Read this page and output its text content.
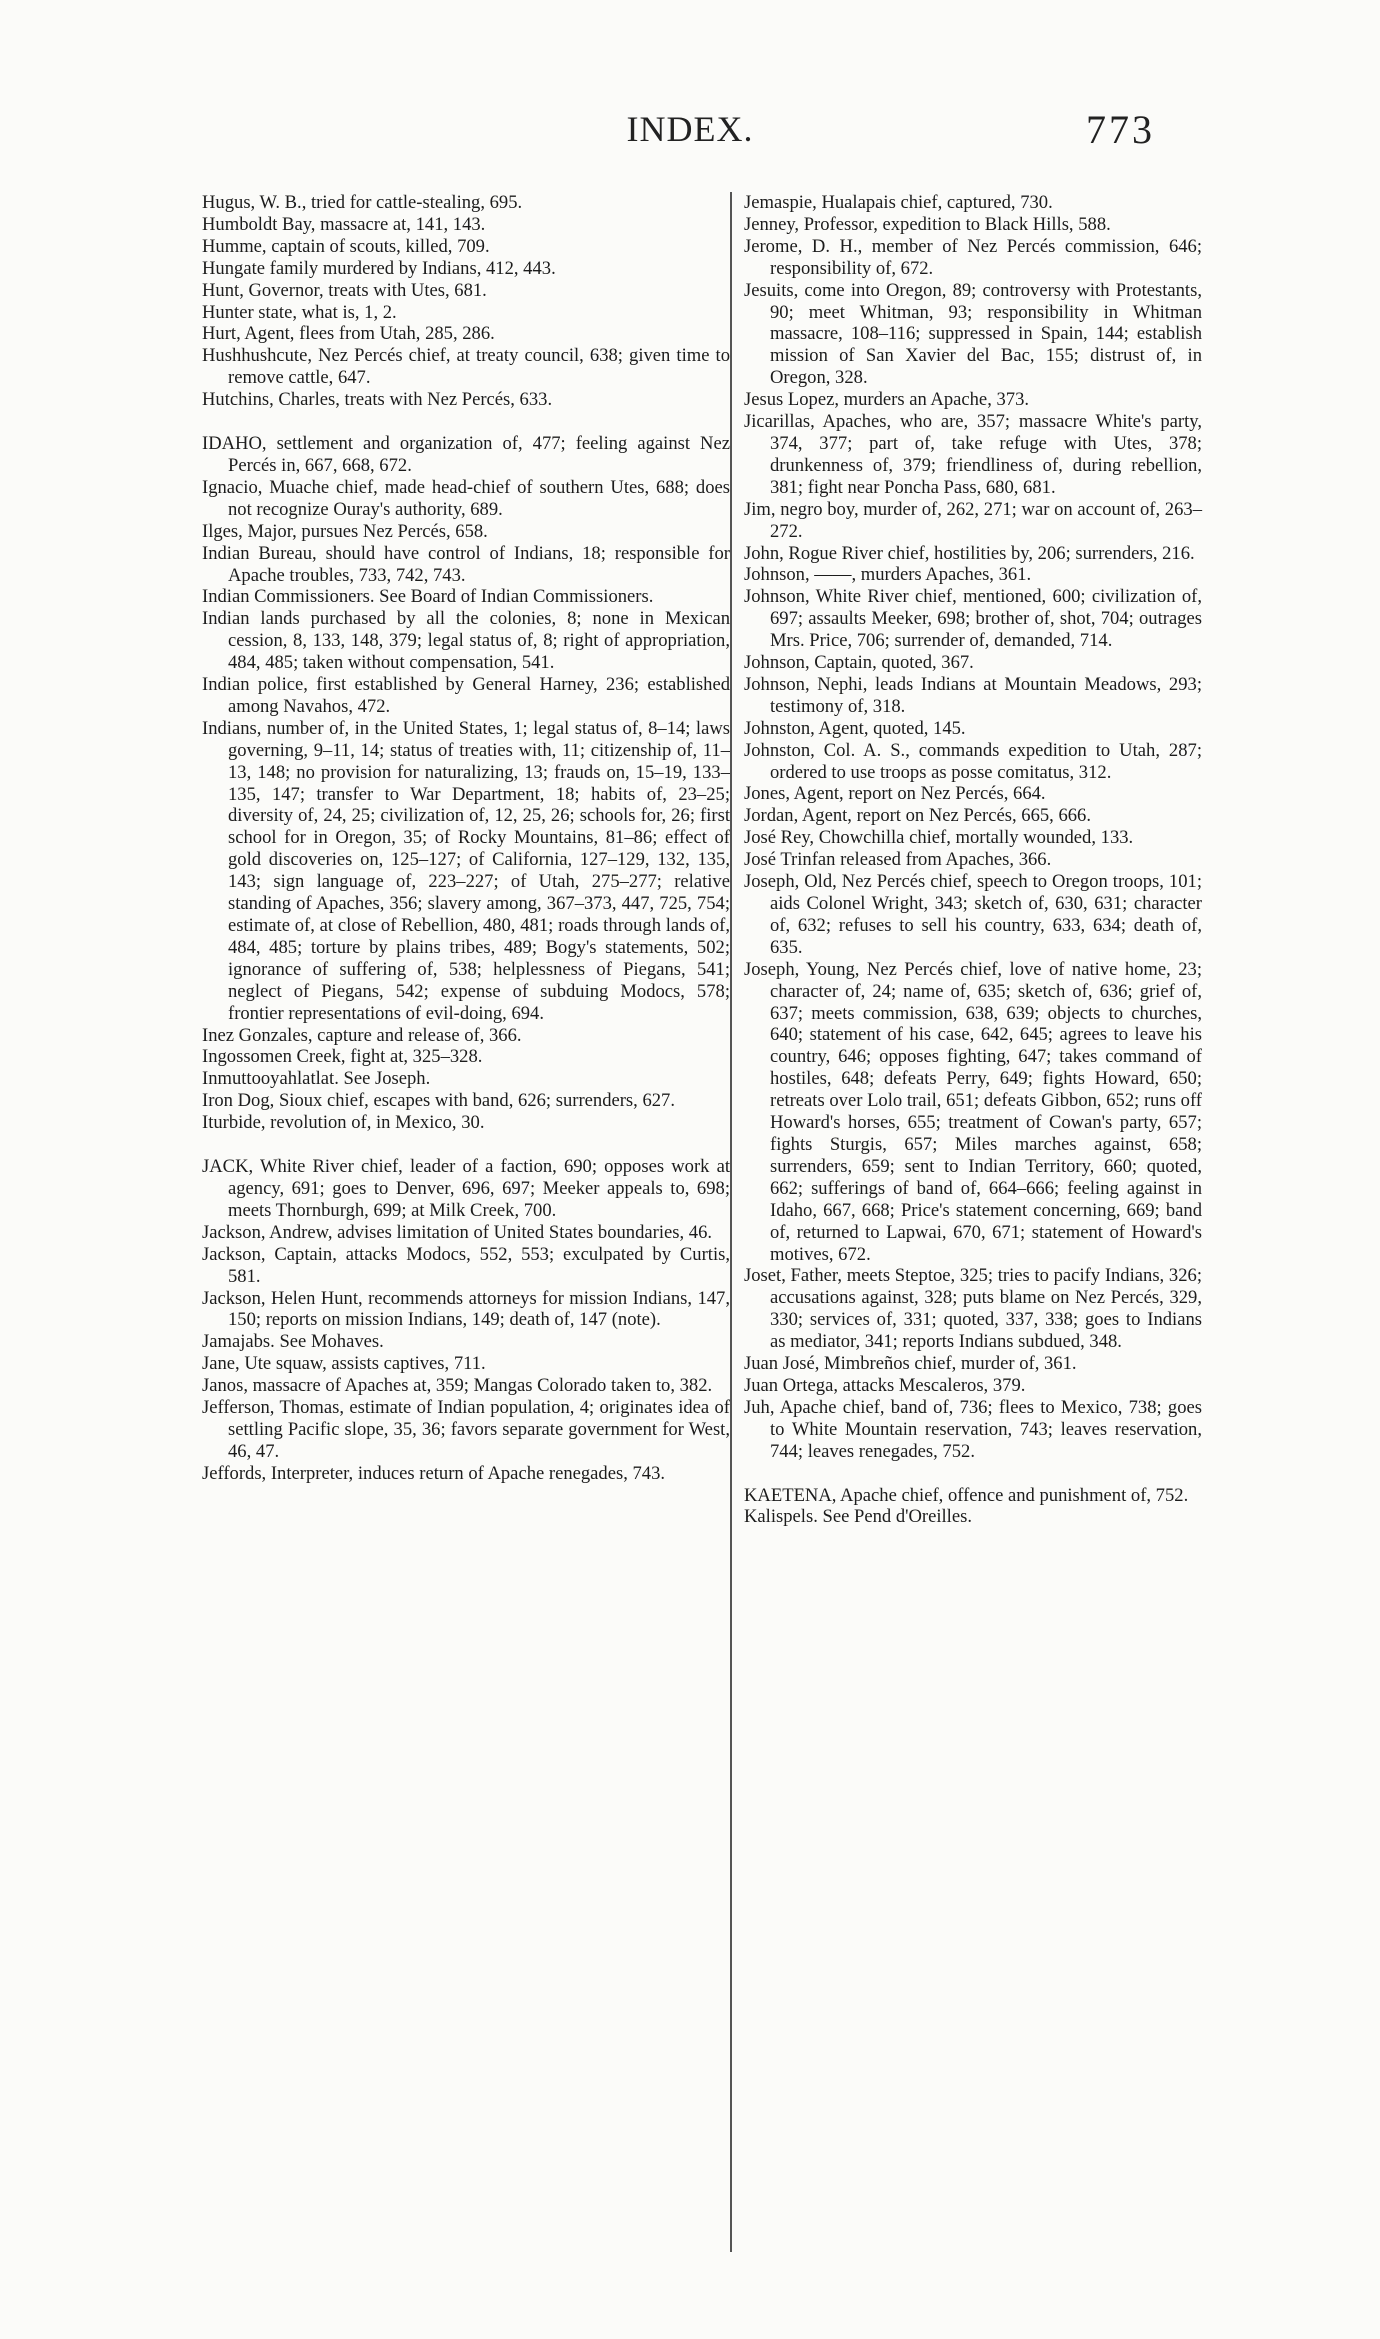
INDEX.	773

Hugus, W. B., tried for cattle-stealing, 695.

Humboldt Bay, massacre at, 141, 143.

Humme, captain of scouts, killed, 709.

Hungate family murdered by Indians, 412, 443.

Hunt, Governor, treats with Utes, 681.

Hunter state, what is, 1, 2.

Hurt, Agent, flees from Utah, 285, 286.

Hushhushcute, Nez Percés chief, at treaty council, 638; given time to remove cattle, 647.

Hutchins, Charles, treats with Nez Percés, 633.

IDAHO, settlement and organization of, 477; feeling against Nez Percés in, 667, 668, 672.

Ignacio, Muache chief, made head-chief of southern Utes, 688; does not recognize Ouray's authority, 689.

Ilges, Major, pursues Nez Percés, 658.

Indian Bureau, should have control of Indians, 18; responsible for Apache troubles, 733, 742, 743.

Indian Commissioners. See Board of Indian Commissioners.

Indian lands purchased by all the colonies, 8; none in Mexican cession, 8, 133, 148, 379; legal status of, 8; right of appropriation, 484, 485; taken without compensation, 541.

Indian police, first established by General Harney, 236; established among Navahos, 472.

Indians, number of, in the United States, 1; legal status of, 8–14; laws governing, 9–11, 14; status of treaties with, 11; citizenship of, 11–13, 148; no provision for naturalizing, 13; frauds on, 15–19, 133–135, 147; transfer to War Department, 18; habits of, 23–25; diversity of, 24, 25; civilization of, 12, 25, 26; schools for, 26; first school for in Oregon, 35; of Rocky Mountains, 81–86; effect of gold discoveries on, 125–127; of California, 127–129, 132, 135, 143; sign language of, 223–227; of Utah, 275–277; relative standing of Apaches, 356; slavery among, 367–373, 447, 725, 754; estimate of, at close of Rebellion, 480, 481; roads through lands of, 484, 485; torture by plains tribes, 489; Bogy's statements, 502; ignorance of suffering of, 538; helplessness of Piegans, 541; neglect of Piegans, 542; expense of subduing Modocs, 578; frontier representations of evil-doing, 694.

Inez Gonzales, capture and release of, 366.

Ingossomen Creek, fight at, 325–328.

Inmuttooyahlatlat. See Joseph.

Iron Dog, Sioux chief, escapes with band, 626; surrenders, 627.

Iturbide, revolution of, in Mexico, 30.

JACK, White River chief, leader of a faction, 690; opposes work at agency, 691; goes to Denver, 696, 697; Meeker appeals to, 698; meets Thornburgh, 699; at Milk Creek, 700.

Jackson, Andrew, advises limitation of United States boundaries, 46.

Jackson, Captain, attacks Modocs, 552, 553; exculpated by Curtis, 581.

Jackson, Helen Hunt, recommends attorneys for mission Indians, 147, 150; reports on mission Indians, 149; death of, 147 (note).

Jamajabs. See Mohaves.

Jane, Ute squaw, assists captives, 711.

Janos, massacre of Apaches at, 359; Mangas Colorado taken to, 382.

Jefferson, Thomas, estimate of Indian population, 4; originates idea of settling Pacific slope, 35, 36; favors separate government for West, 46, 47.

Jeffords, Interpreter, induces return of Apache renegades, 743.

Jemaspie, Hualapais chief, captured, 730.

Jenney, Professor, expedition to Black Hills, 588.

Jerome, D. H., member of Nez Percés commission, 646; responsibility of, 672.

Jesuits, come into Oregon, 89; controversy with Protestants, 90; meet Whitman, 93; responsibility in Whitman massacre, 108–116; suppressed in Spain, 144; establish mission of San Xavier del Bac, 155; distrust of, in Oregon, 328.

Jesus Lopez, murders an Apache, 373.

Jicarillas, Apaches, who are, 357; massacre White's party, 374, 377; part of, take refuge with Utes, 378; drunkenness of, 379; friendliness of, during rebellion, 381; fight near Poncha Pass, 680, 681.

Jim, negro boy, murder of, 262, 271; war on account of, 263–272.

John, Rogue River chief, hostilities by, 206; surrenders, 216.

Johnson, ——, murders Apaches, 361.

Johnson, White River chief, mentioned, 600; civilization of, 697; assaults Meeker, 698; brother of, shot, 704; outrages Mrs. Price, 706; surrender of, demanded, 714.

Johnson, Captain, quoted, 367.

Johnson, Nephi, leads Indians at Mountain Meadows, 293; testimony of, 318.

Johnston, Agent, quoted, 145.

Johnston, Col. A. S., commands expedition to Utah, 287; ordered to use troops as posse comitatus, 312.

Jones, Agent, report on Nez Percés, 664.

Jordan, Agent, report on Nez Percés, 665, 666.

José Rey, Chowchilla chief, mortally wounded, 133.

José Trinfan released from Apaches, 366.

Joseph, Old, Nez Percés chief, speech to Oregon troops, 101; aids Colonel Wright, 343; sketch of, 630, 631; character of, 632; refuses to sell his country, 633, 634; death of, 635.

Joseph, Young, Nez Percés chief, love of native home, 23; character of, 24; name of, 635; sketch of, 636; grief of, 637; meets commission, 638, 639; objects to churches, 640; statement of his case, 642, 645; agrees to leave his country, 646; opposes fighting, 647; takes command of hostiles, 648; defeats Perry, 649; fights Howard, 650; retreats over Lolo trail, 651; defeats Gibbon, 652; runs off Howard's horses, 655; treatment of Cowan's party, 657; fights Sturgis, 657; Miles marches against, 658; surrenders, 659; sent to Indian Territory, 660; quoted, 662; sufferings of band of, 664–666; feeling against in Idaho, 667, 668; Price's statement concerning, 669; band of, returned to Lapwai, 670, 671; statement of Howard's motives, 672.

Joset, Father, meets Steptoe, 325; tries to pacify Indians, 326; accusations against, 328; puts blame on Nez Percés, 329, 330; services of, 331; quoted, 337, 338; goes to Indians as mediator, 341; reports Indians subdued, 348.

Juan José, Mimbreños chief, murder of, 361.

Juan Ortega, attacks Mescaleros, 379.

Juh, Apache chief, band of, 736; flees to Mexico, 738; goes to White Mountain reservation, 743; leaves reservation, 744; leaves renegades, 752.

KAETENA, Apache chief, offence and punishment of, 752.

Kalispels. See Pend d'Oreilles.
